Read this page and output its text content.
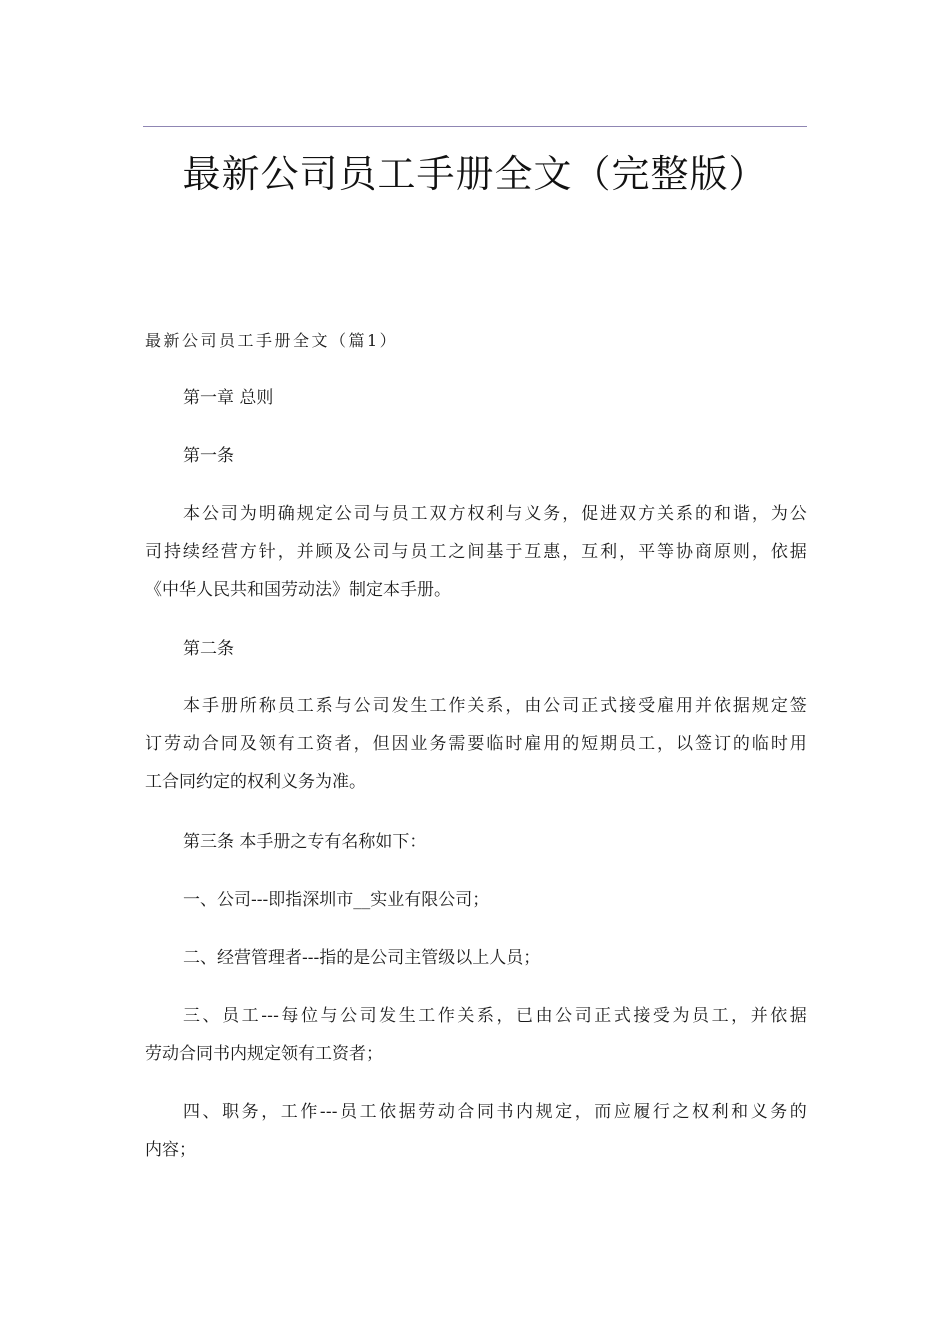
最新公司员工手册全文（完整版）
最新公司员工手册全文（篇1）
第一章 总则
第一条
本公司为明确规定公司与员工双方权利与义务，促进双方关系的和谐，为公
司持续经营方针，并顾及公司与员工之间基于互惠，互利，平等协商原则，依据
《中华人民共和国劳动法》制定本手册。
第二条
本手册所称员工系与公司发生工作关系，由公司正式接受雇用并依据规定签
订劳动合同及领有工资者，但因业务需要临时雇用的短期员工，以签订的临时用
工合同约定的权利义务为准。
第三条 本手册之专有名称如下：
一、公司---即指深圳市__实业有限公司；
二、经营管理者---指的是公司主管级以上人员；
三、员工---每位与公司发生工作关系，已由公司正式接受为员工，并依据
劳动合同书内规定领有工资者；
四、职务，工作---员工依据劳动合同书内规定，而应履行之权利和义务的
内容；
